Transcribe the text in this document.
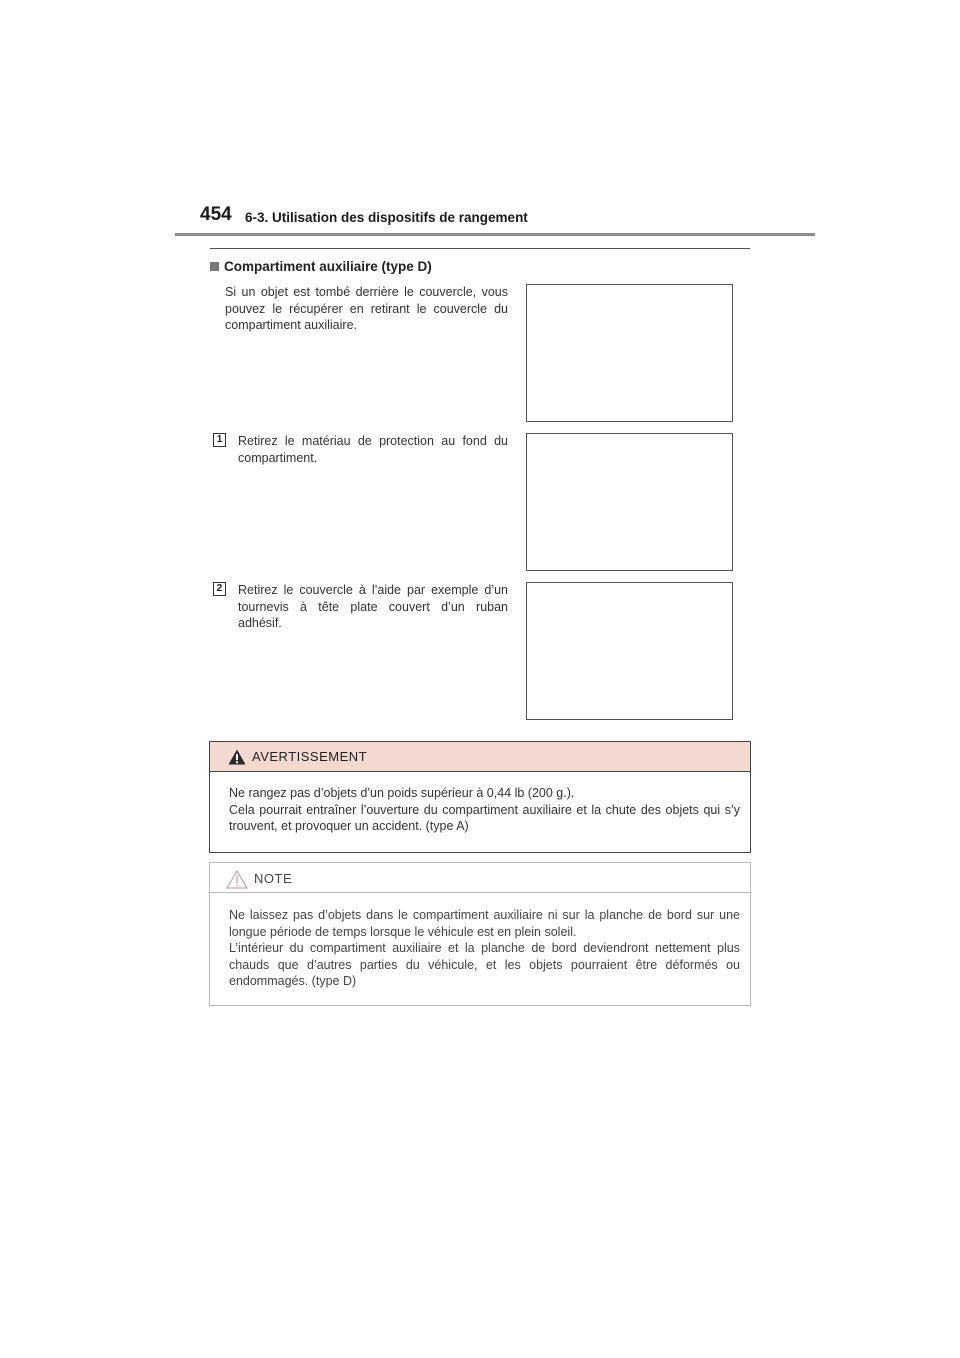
454 6-3. Utilisation des dispositifs de rangement
Compartiment auxiliaire (type D)
Si un objet est tombé derrière le couvercle, vous pouvez le récupérer en retirant le couvercle du compartiment auxiliaire.
1 Retirez le matériau de protection au fond du compartiment.
2 Retirez le couvercle à l’aide par exemple d’un tournevis à tête plate couvert d’un ruban adhésif.
AVERTISSEMENT
Ne rangez pas d’objets d’un poids supérieur à 0,44 lb (200 g.).
Cela pourrait entraîner l’ouverture du compartiment auxiliaire et la chute des objets qui s’y trouvent, et provoquer un accident. (type A)
NOTE
Ne laissez pas d’objets dans le compartiment auxiliaire ni sur la planche de bord sur une longue période de temps lorsque le véhicule est en plein soleil.
L’intérieur du compartiment auxiliaire et la planche de bord deviendront nettement plus chauds que d’autres parties du véhicule, et les objets pourraient être déformés ou endommagés. (type D)
